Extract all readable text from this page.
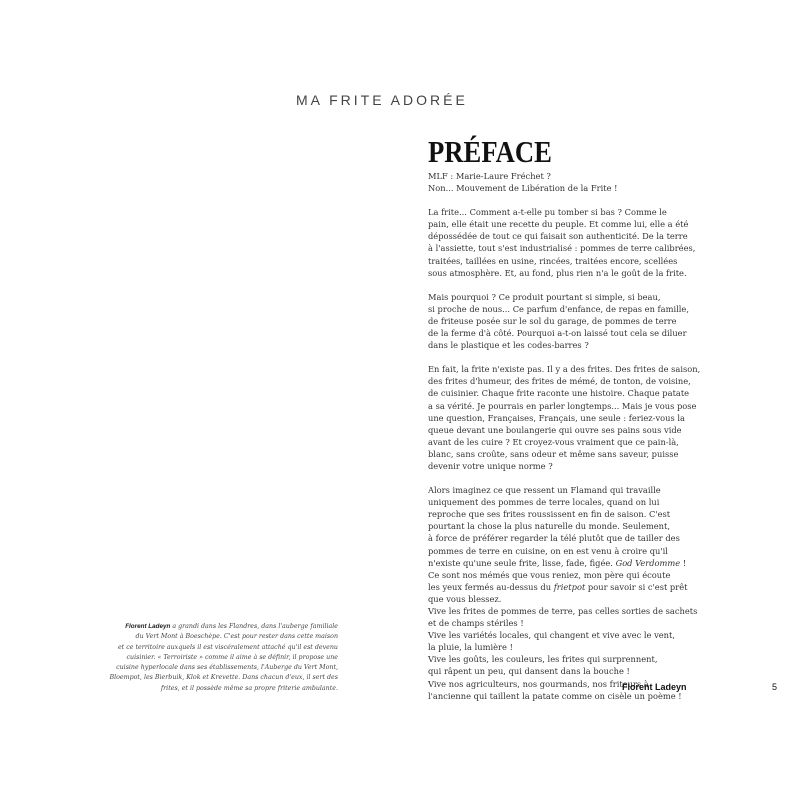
MA FRITE ADORÉE
PRÉFACE
MLF : Marie-Laure Fréchet ?
Non... Mouvement de Libération de la Frite !
La frite... Comment a-t-elle pu tomber si bas ? Comme le
pain, elle était une recette du peuple. Et comme lui, elle a été
dépossédée de tout ce qui faisait son authenticité. De la terre
à l'assiette, tout s'est industrialisé : pommes de terre calibrées,
traitées, taillées en usine, rincées, traitées encore, scellées
sous atmosphère. Et, au fond, plus rien n'a le goût de la frite.
Mais pourquoi ? Ce produit pourtant si simple, si beau,
si proche de nous... Ce parfum d'enfance, de repas en famille,
de friteuse posée sur le sol du garage, de pommes de terre
de la ferme d'à côté. Pourquoi a-t-on laissé tout cela se diluer
dans le plastique et les codes-barres ?
En fait, la frite n'existe pas. Il y a des frites. Des frites de saison,
des frites d'humeur, des frites de mémé, de tonton, de voisine,
de cuisinier. Chaque frite raconte une histoire. Chaque patate
a sa vérité. Je pourrais en parler longtemps... Mais je vous pose
une question, Françaises, Français, une seule : feriez-vous la
queue devant une boulangerie qui ouvre ses pains sous vide
avant de les cuire ? Et croyez-vous vraiment que ce pain-là,
blanc, sans croûte, sans odeur et même sans saveur, puisse
devenir votre unique norme ?
Alors imaginez ce que ressent un Flamand qui travaille
uniquement des pommes de terre locales, quand on lui
reproche que ses frites roussissent en fin de saison. C'est
pourtant la chose la plus naturelle du monde. Seulement,
à force de préférer regarder la télé plutôt que de tailler des
pommes de terre en cuisine, on en est venu à croire qu'il
n'existe qu'une seule frite, lisse, fade, figée. God Verdomme !
Ce sont nos mémés que vous reniez, mon père qui écoute
les yeux fermés au-dessus du frietpot pour savoir si c'est prêt
que vous blessez.
Vive les frites de pommes de terre, pas celles sorties de sachets
et de champs stériles !
Vive les variétés locales, qui changent et vive avec le vent,
la pluie, la lumière !
Vive les goûts, les couleurs, les frites qui surprennent,
qui râpent un peu, qui dansent dans la bouche !
Vive nos agriculteurs, nos gourmands, nos friteurs à
l'ancienne qui taillent la patate comme on cisèle un poème !
Florent Ladeyn	5
Florent Ladeyn a grandi dans les Flandres, dans l'auberge familiale
du Vert Mont à Boeschèpe. C'est pour rester dans cette maison
et ce territoire auxquels il est viscéralement attaché qu'il est devenu
cuisinier. « Terroiriste » comme il aime à se définir, il propose une
cuisine hyperlocale dans ses établissements, l'Auberge du Vert Mont,
Bloempot, les Bierbuik, Klok et Krevette. Dans chacun d'eux, il sert des
frites, et il possède même sa propre friterie ambulante.
